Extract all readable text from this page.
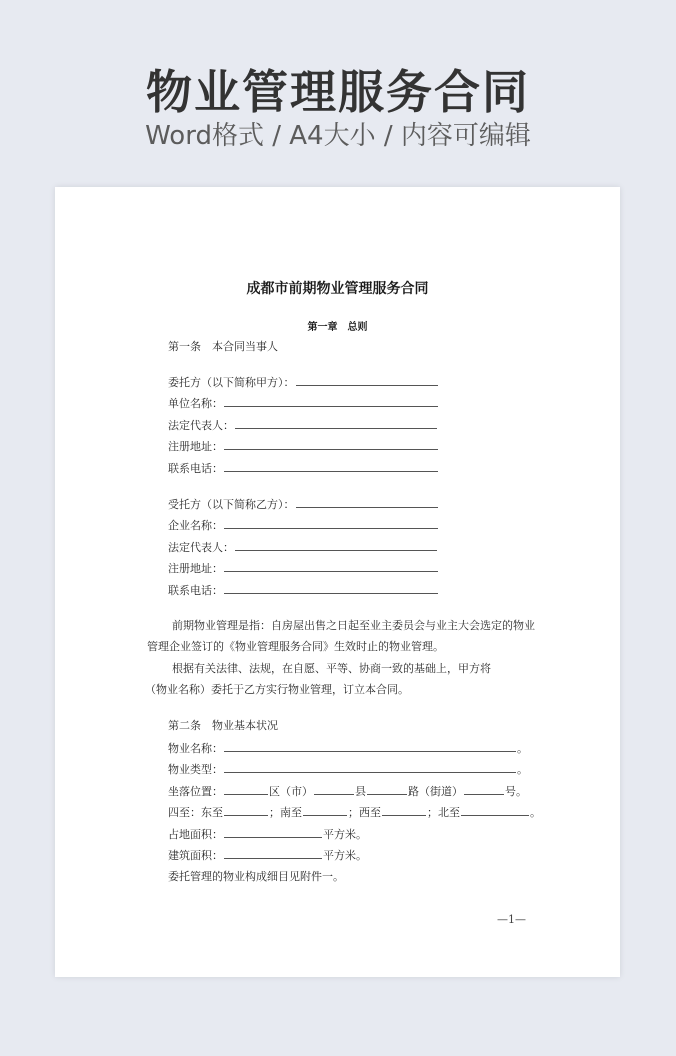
物业管理服务合同
Word格式 / A4大小 / 内容可编辑
成都市前期物业管理服务合同
第一章　总则
第一条　本合同当事人
委托方（以下简称甲方）：
单位名称：
法定代表人：
注册地址：
联系电话：
受托方（以下简称乙方）：
企业名称：
法定代表人：
注册地址：
联系电话：
前期物业管理是指：自房屋出售之日起至业主委员会与业主大会选定的物业
管理企业签订的《物业管理服务合同》生效时止的物业管理。
根据有关法律、法规，在自愿、平等、协商一致的基础上，甲方将
（物业名称）委托于乙方实行物业管理，订立本合同。
第二条　物业基本状况
物业名称：	。
物业类型：	。
坐落位置：	区（市）	县	路（街道）	号。
四至：东至	；南至	；西至	；北至	。
占地面积：	平方米。
建筑面积：	平方米。
委托管理的物业构成细目见附件一。
—1—
